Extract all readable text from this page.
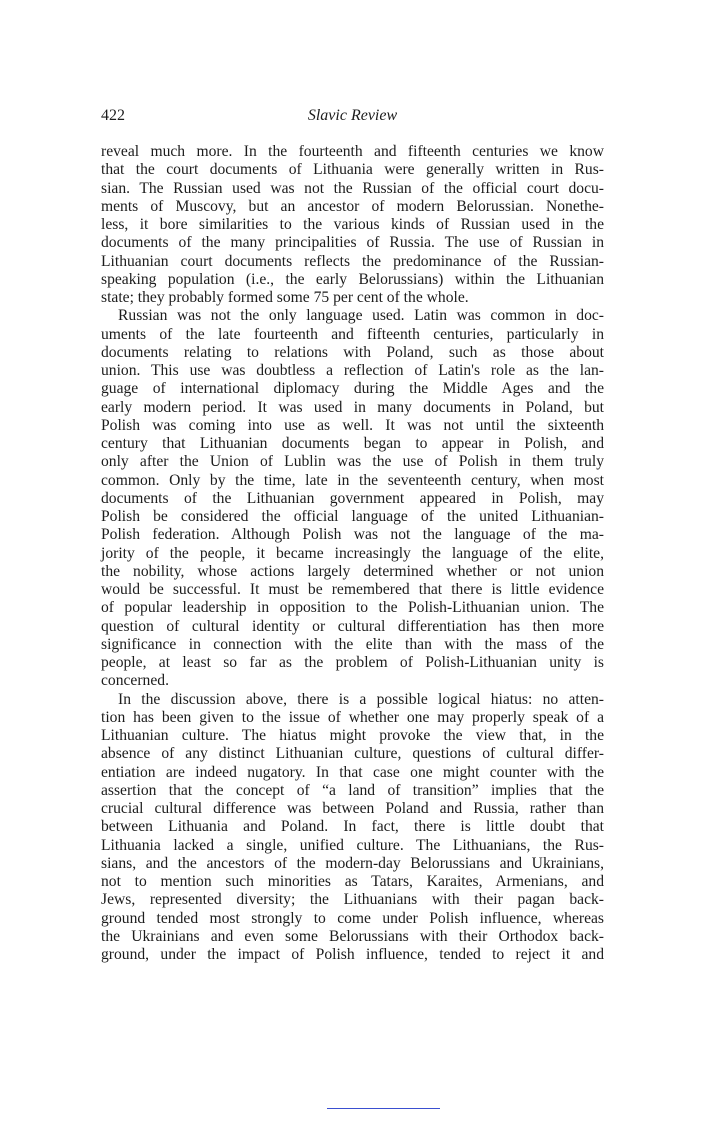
422	Slavic Review
reveal much more. In the fourteenth and fifteenth centuries we know
that the court documents of Lithuania were generally written in Rus-
sian. The Russian used was not the Russian of the official court docu-
ments of Muscovy, but an ancestor of modern Belorussian. Nonethe-
less, it bore similarities to the various kinds of Russian used in the
documents of the many principalities of Russia. The use of Russian in
Lithuanian court documents reflects the predominance of the Russian-
speaking population (i.e., the early Belorussians) within the Lithuanian
state; they probably formed some 75 per cent of the whole.
Russian was not the only language used. Latin was common in doc-
uments of the late fourteenth and fifteenth centuries, particularly in
documents relating to relations with Poland, such as those about
union. This use was doubtless a reflection of Latin's role as the lan-
guage of international diplomacy during the Middle Ages and the
early modern period. It was used in many documents in Poland, but
Polish was coming into use as well. It was not until the sixteenth
century that Lithuanian documents began to appear in Polish, and
only after the Union of Lublin was the use of Polish in them truly
common. Only by the time, late in the seventeenth century, when most
documents of the Lithuanian government appeared in Polish, may
Polish be considered the official language of the united Lithuanian-
Polish federation. Although Polish was not the language of the ma-
jority of the people, it became increasingly the language of the elite,
the nobility, whose actions largely determined whether or not union
would be successful. It must be remembered that there is little evidence
of popular leadership in opposition to the Polish-Lithuanian union. The
question of cultural identity or cultural differentiation has then more
significance in connection with the elite than with the mass of the
people, at least so far as the problem of Polish-Lithuanian unity is
concerned.
In the discussion above, there is a possible logical hiatus: no atten-
tion has been given to the issue of whether one may properly speak of a
Lithuanian culture. The hiatus might provoke the view that, in the
absence of any distinct Lithuanian culture, questions of cultural differ-
entiation are indeed nugatory. In that case one might counter with the
assertion that the concept of “a land of transition” implies that the
crucial cultural difference was between Poland and Russia, rather than
between Lithuania and Poland. In fact, there is little doubt that
Lithuania lacked a single, unified culture. The Lithuanians, the Rus-
sians, and the ancestors of the modern-day Belorussians and Ukrainians,
not to mention such minorities as Tatars, Karaites, Armenians, and
Jews, represented diversity; the Lithuanians with their pagan back-
ground tended most strongly to come under Polish influence, whereas
the Ukrainians and even some Belorussians with their Orthodox back-
ground, under the impact of Polish influence, tended to reject it and
